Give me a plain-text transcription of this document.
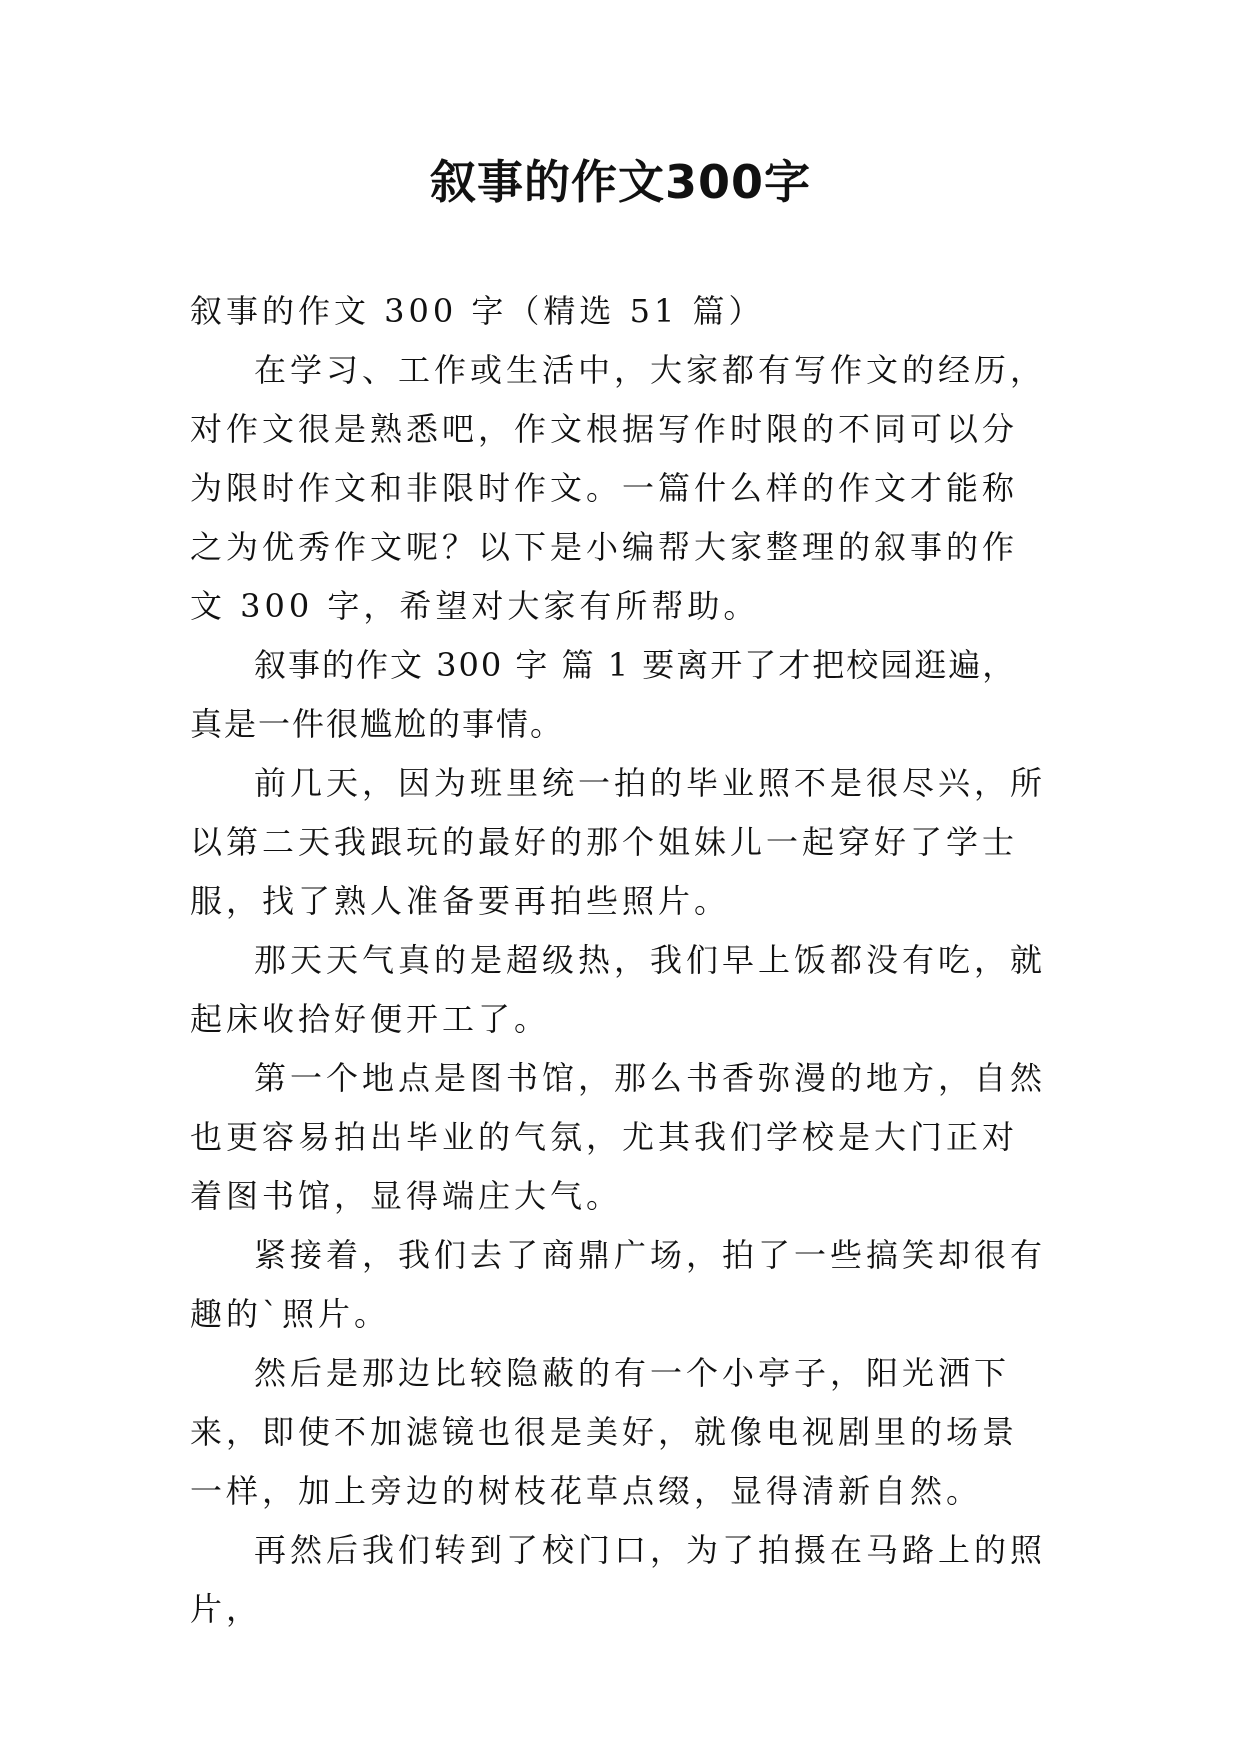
叙事的作文300字

叙事的作文 300 字（精选 51 篇）

在学习、工作或生活中，大家都有写作文的经历，对作文很是熟悉吧，作文根据写作时限的不同可以分为限时作文和非限时作文。一篇什么样的作文才能称之为优秀作文呢？以下是小编帮大家整理的叙事的作文 300 字，希望对大家有所帮助。

叙事的作文 300 字 篇 1 要离开了才把校园逛遍，真是一件很尴尬的事情。

前几天，因为班里统一拍的毕业照不是很尽兴，所以第二天我跟玩的最好的那个姐妹儿一起穿好了学士服，找了熟人准备要再拍些照片。

那天天气真的是超级热，我们早上饭都没有吃，就起床收拾好便开工了。

第一个地点是图书馆，那么书香弥漫的地方，自然也更容易拍出毕业的气氛，尤其我们学校是大门正对着图书馆，显得端庄大气。

紧接着，我们去了商鼎广场，拍了一些搞笑却很有趣的`照片。

然后是那边比较隐蔽的有一个小亭子，阳光洒下来，即使不加滤镜也很是美好，就像电视剧里的场景一样，加上旁边的树枝花草点缀，显得清新自然。

再然后我们转到了校门口，为了拍摄在马路上的照片，
